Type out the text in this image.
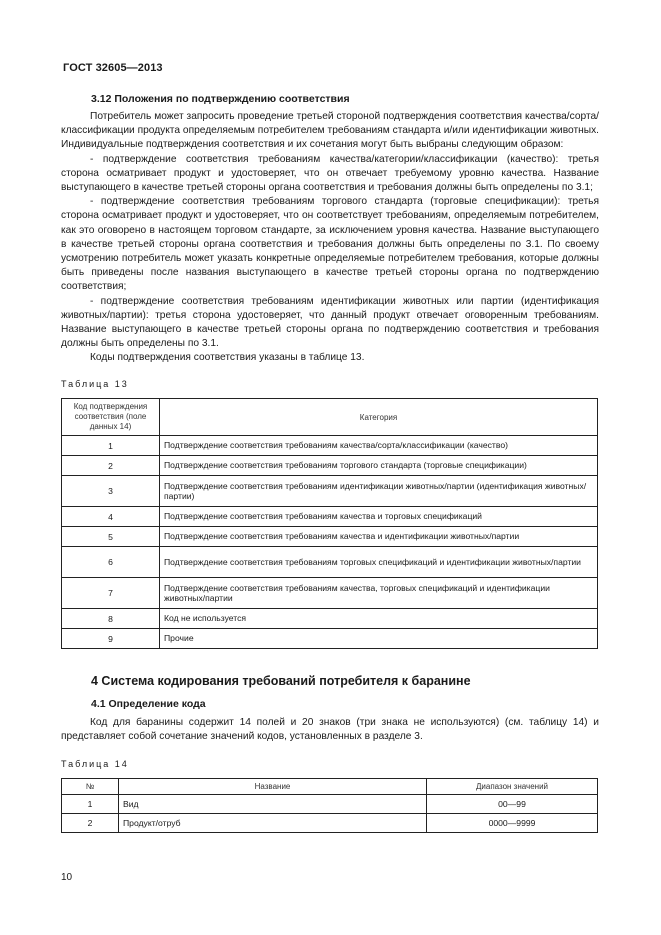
ГОСТ 32605—2013
3.12 Положения по подтверждению соответствия

Потребитель может запросить проведение третьей стороной подтверждения соответствия качества/сорта/классификации продукта определяемым потребителем требованиям стандарта и/или идентификации животных. Индивидуальные подтверждения соответствия и их сочетания могут быть выбраны следующим образом:

- подтверждение соответствия требованиям качества/категории/классификации (качество): третья сторона осматривает продукт и удостоверяет, что он отвечает требуемому уровню качества. Название выступающего в качестве третьей стороны органа соответствия и требования должны быть определены по 3.1;

- подтверждение соответствия требованиям торгового стандарта (торговые спецификации): третья сторона осматривает продукт и удостоверяет, что он соответствует требованиям, определяемым потребителем, как это оговорено в настоящем торговом стандарте, за исключением уровня качества. Название выступающего в качестве третьей стороны органа соответствия и требования должны быть определены по 3.1. По своему усмотрению потребитель может указать конкретные определяемые потребителем требования, которые должны быть приведены после названия выступающего в качестве третьей стороны органа по подтверждению соответствия;

- подтверждение соответствия требованиям идентификации животных или партии (идентификация животных/партии): третья сторона удостоверяет, что данный продукт отвечает оговоренным требованиям. Название выступающего в качестве третьей стороны органа по подтверждению соответствия и требования должны быть определены по 3.1.

Коды подтверждения соответствия указаны в таблице 13.

Таблица 13
Код подтверждения соответствия (поле данных 14)	Категория
1	Подтверждение соответствия требованиям качества/сорта/классификации (качество)
2	Подтверждение соответствия требованиям торгового стандарта (торговые спецификации)
3	Подтверждение соответствия требованиям идентификации животных/партии (идентификация животных/партии)
4	Подтверждение соответствия требованиям качества и торговых спецификаций
5	Подтверждение соответствия требованиям качества и идентификации животных/партии
6	Подтверждение соответствия требованиям торговых спецификаций и идентификации животных/партии
7	Подтверждение соответствия требованиям качества, торговых спецификаций и идентификации животных/партии
8	Код не используется
9	Прочие
4 Система кодирования требований потребителя к баранине
4.1 Определение кода

Код для баранины содержит 14 полей и 20 знаков (три знака не используются) (см. таблицу 14) и представляет собой сочетание значений кодов, установленных в разделе 3.

Таблица 14
№	Название	Диапазон значений
1	Вид	00—99
2	Продукт/отруб	0000—9999
10
